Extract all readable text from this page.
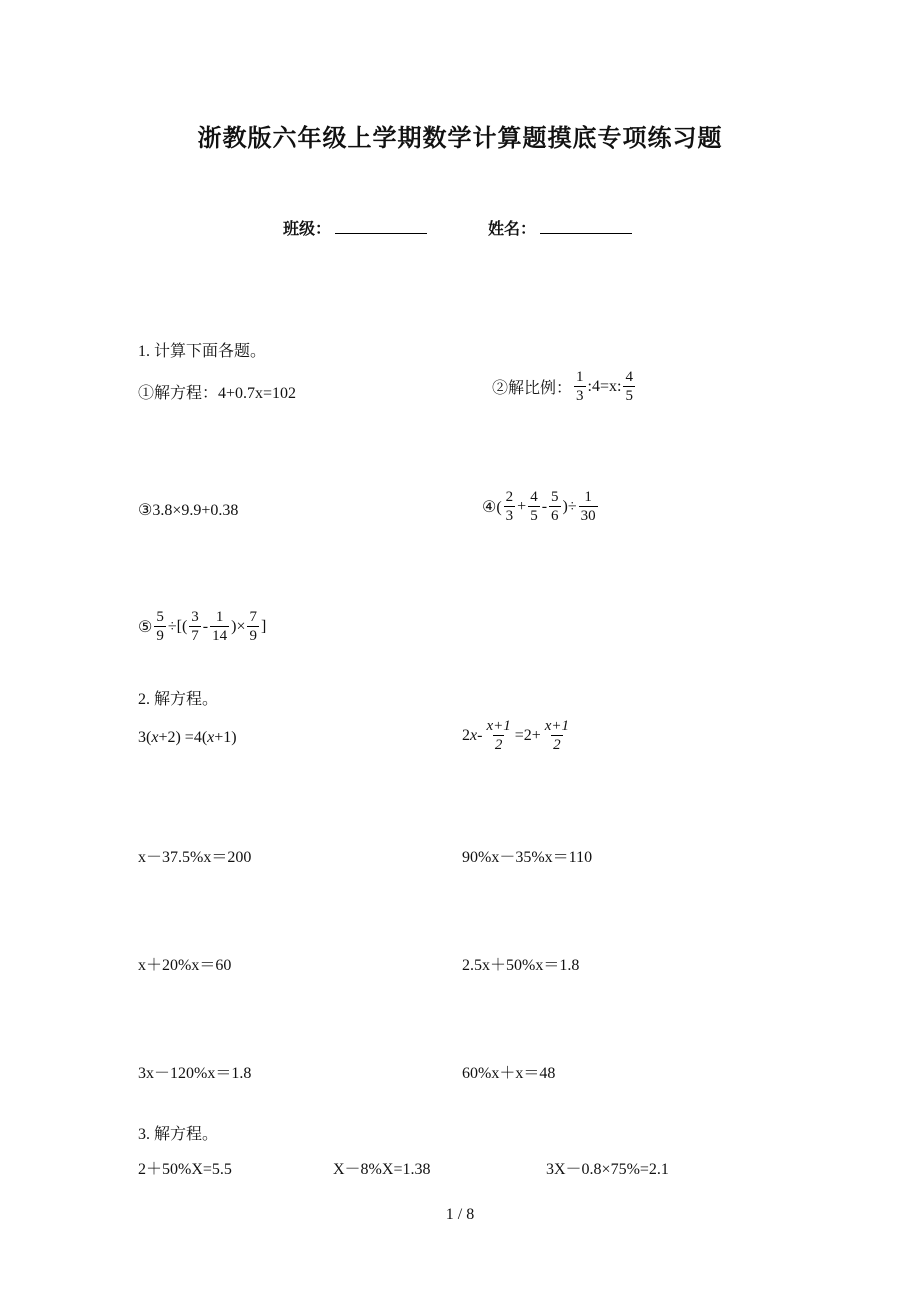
浙教版六年级上学期数学计算题摸底专项练习题
班级：	姓名：
1. 计算下面各题。
①解方程：4+0.7x=102	②解比例： $\frac{1}{3}$ :4=x: $\frac{4}{5}$
③3.8×9.9+0.38	④( $\frac{2}{3} + \frac{4}{5} - \frac{5}{6}$ )÷ $\frac{1}{30}$
⑤ $\frac{5}{9}$ ÷[( $\frac{3}{7} - \frac{1}{14}$ )× $\frac{7}{9}$ ]
2. 解方程。
3(x+2) =4(x+1)	2 $x - \frac{x+1}{2} =2+ \frac{x+1}{2}$
x－37.5%x＝200	90%x－35%x＝110
x＋20%x＝60	2.5x＋50%x＝1.8
3x－120%x＝1.8	60%x＋x＝48
3. 解方程。
2＋50%X=5.5	X－8%X=1.38	3X－0.8×75%=2.1
1 / 8
